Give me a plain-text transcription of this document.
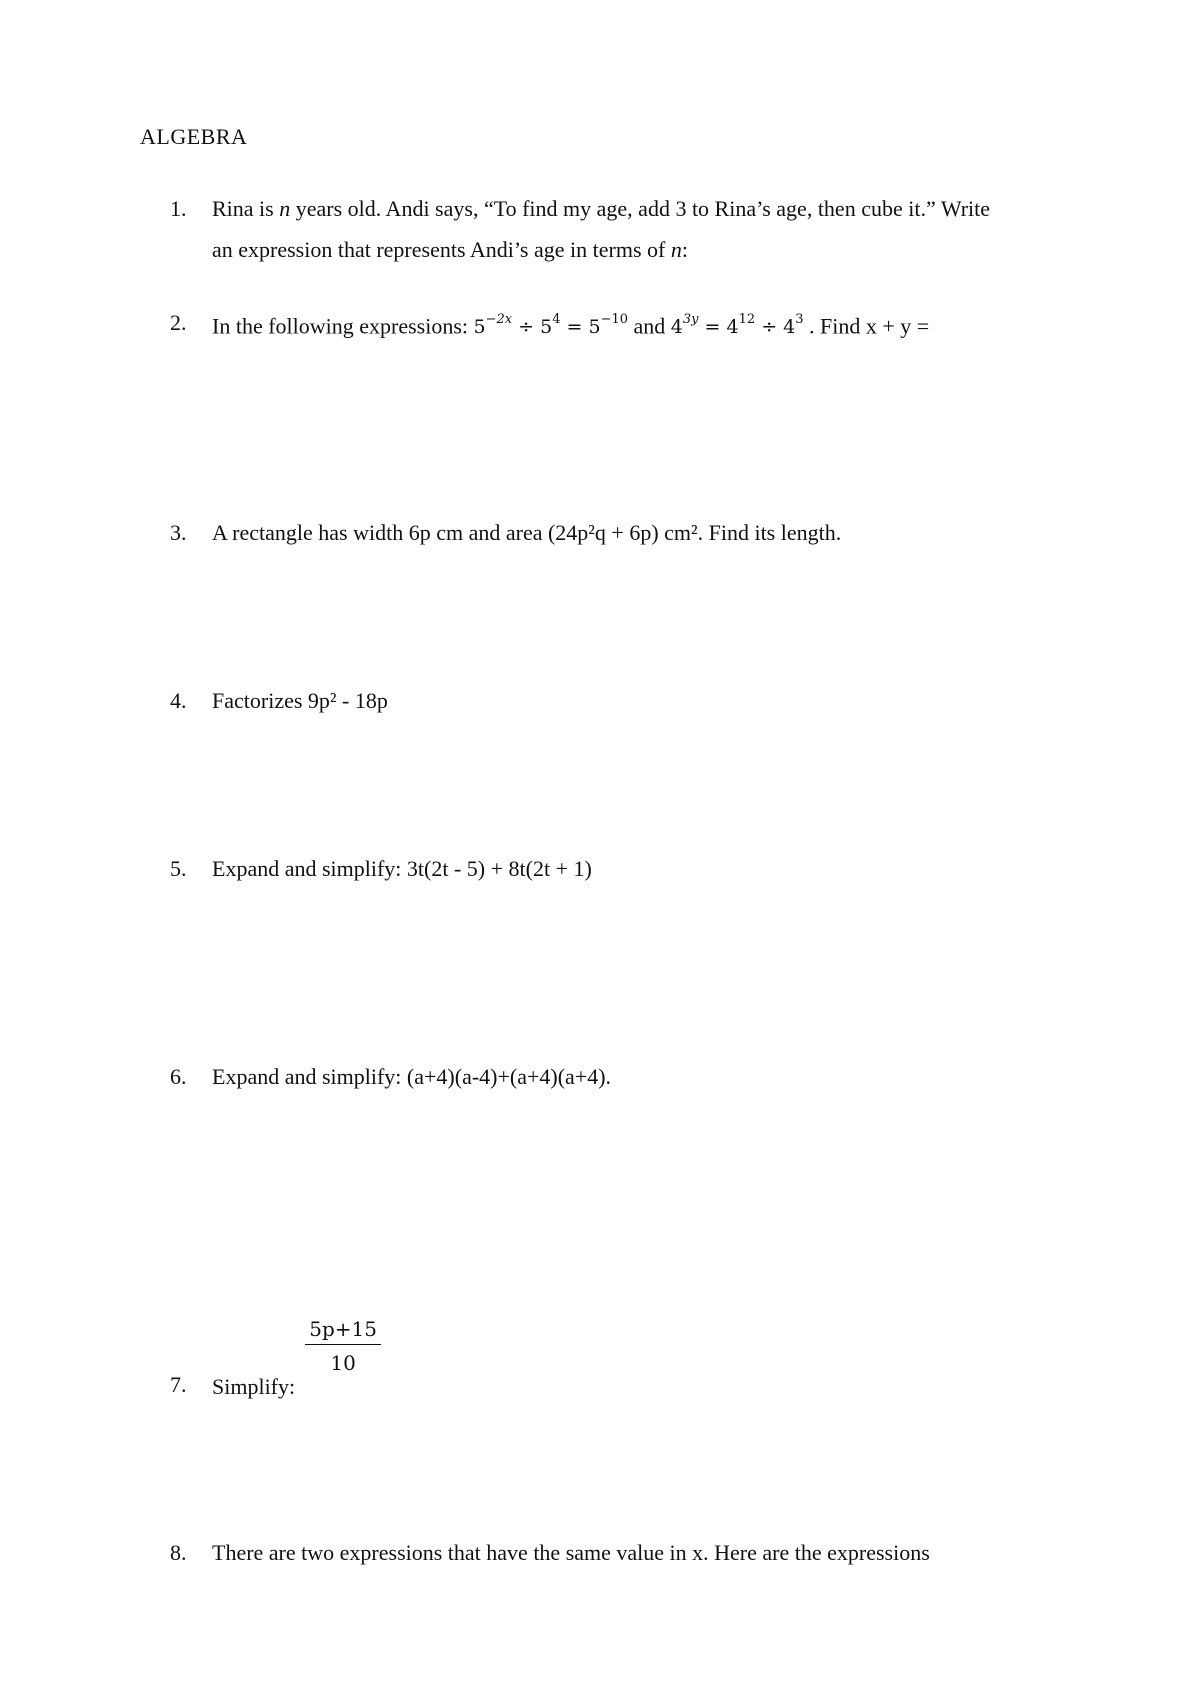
ALGEBRA
1. Rina is n years old. Andi says, “To find my age, add 3 to Rina’s age, then cube it.” Write
an expression that represents Andi’s age in terms of n:
2. In the following expressions: $5^{-2x} \div 5^4 = 5^{-10}$ and $4^{3y} = 4^{12} \div 4^3$ . Find x + y =
3. A rectangle has width 6p cm and area (24p²q + 6p) cm². Find its length.
4. Factorizes 9p² - 18p
5. Expand and simplify: 3t(2t - 5) + 8t(2t + 1)
6. Expand and simplify: (a+4)(a-4)+(a+4)(a+4).
7. Simplify: $\frac{5p+15}{10}$
8. There are two expressions that have the same value in x. Here are the expressions
